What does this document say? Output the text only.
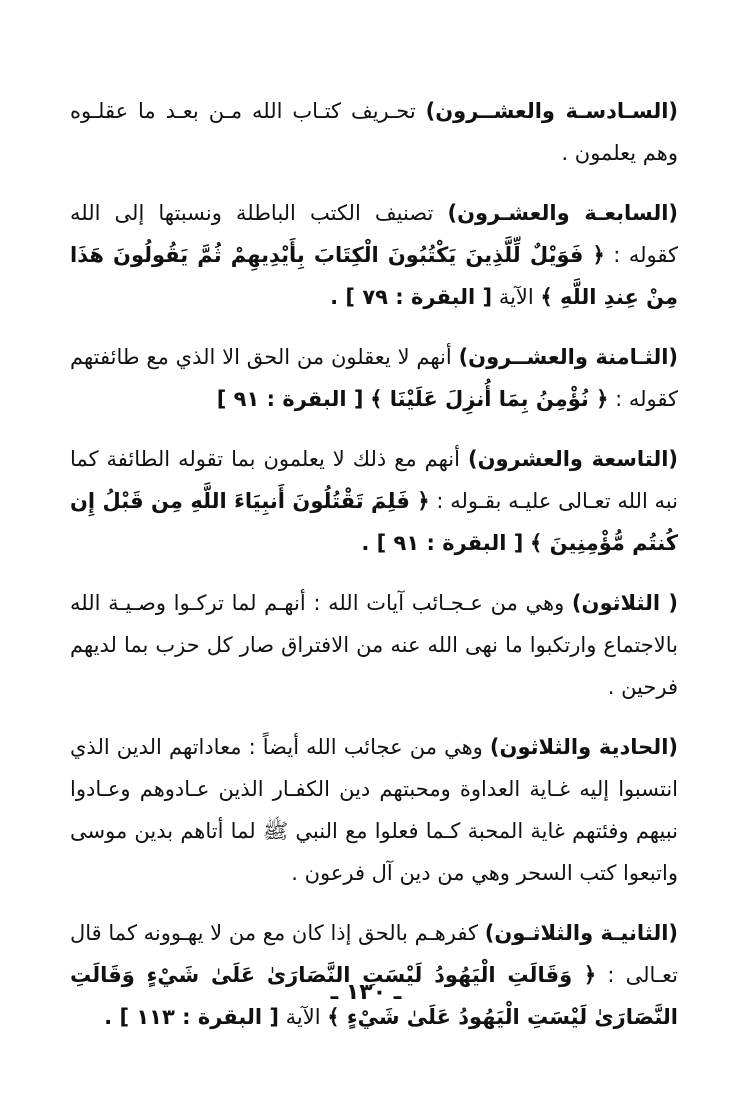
(السـادسـة والعشــرون) تحـريف كتـاب الله مـن بعـد ما عقلـوه وهم يعلمون .

(السابعـة والعشـرون) تصنيف الكتب الباطلة ونسبتها إلى الله كقوله : ﴿ فَوَيْلٌ لِّلَّذِينَ يَكْتُبُونَ الْكِتَابَ بِأَيْدِيهِمْ ثُمَّ يَقُولُونَ هَذَا مِنْ عِندِ اللَّهِ ﴾ الآية [ البقرة : ٧٩ ] .

(الثـامنة والعشــرون) أنهم لا يعقلون من الحق الا الذي مع طائفتهم كقوله : ﴿ نُؤْمِنُ بِمَا أُنزِلَ عَلَيْنَا ﴾ [ البقرة : ٩١ ]

(التاسعة والعشرون) أنهم مع ذلك لا يعلمون بما تقوله الطائفة كما نبه الله تعـالى عليـه بقـوله : ﴿ فَلِمَ تَقْتُلُونَ أَنبِيَاءَ اللَّهِ مِن قَبْلُ إِن كُنتُم مُّؤْمِنِينَ ﴾ [ البقرة : ٩١ ] .

( الثلاثون) وهي من عـجـائب آيات الله : أنهـم لما تركـوا وصـيـة الله بالاجتماع وارتكبوا ما نهى الله عنه من الافتراق صار كل حزب بما لديهم فرحين .

(الحادية والثلاثون) وهي من عجائب الله أيضاً : معاداتهم الدين الذي انتسبوا إليه غـاية العداوة ومحبتهم دين الكفـار الذين عـادوهم وعـادوا نبيهم وفئتهم غاية المحبة كـما فعلوا مع النبي ﷺ لما أتاهم بدين موسى واتبعوا كتب السحر وهي من دين آل فرعون .

(الثانيـة والثلاثـون) كفرهـم بالحق إذا كان مع من لا يهـوونه كما قال تعـالى : ﴿ وَقَالَتِ الْيَهُودُ لَيْسَتِ النَّصَارَىٰ عَلَىٰ شَيْءٍ وَقَالَتِ النَّصَارَىٰ لَيْسَتِ الْيَهُودُ عَلَىٰ شَيْءٍ ﴾ الآية [ البقرة : ١١٣ ] .

ـ ١٣٠ ـ
